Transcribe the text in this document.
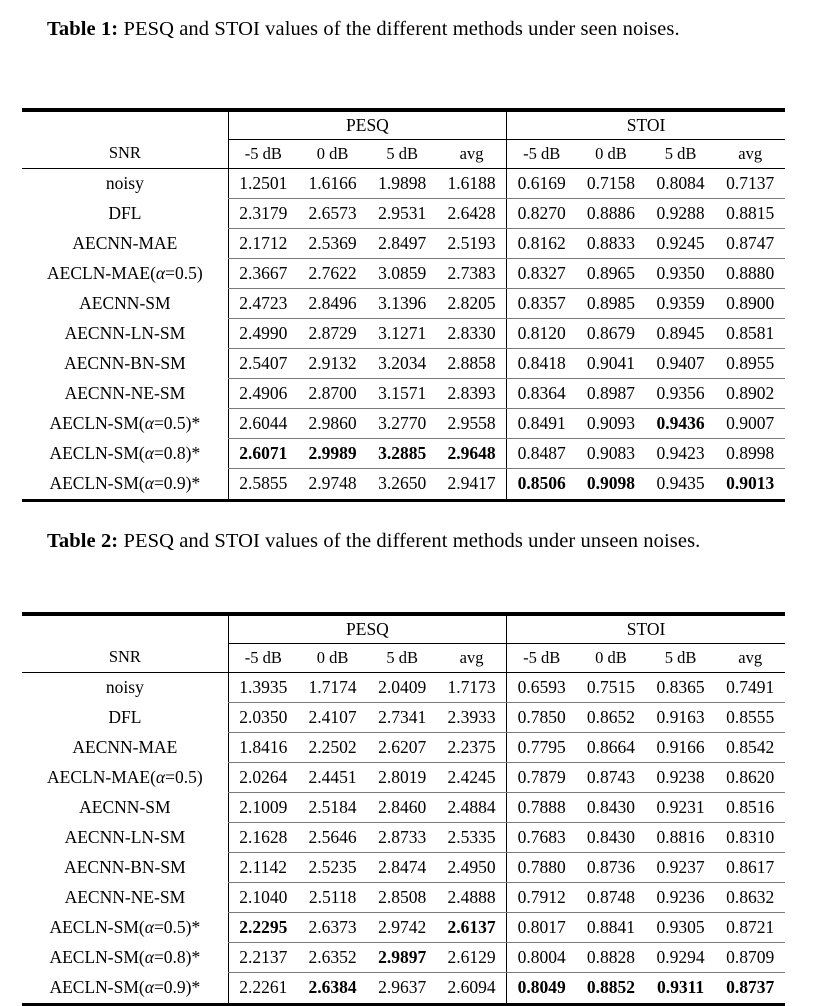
Table 1: PESQ and STOI values of the different methods under seen noises.
	PESQ				STOI			
SNR	-5 dB	0 dB	5 dB	avg	-5 dB	0 dB	5 dB	avg
noisy	1.2501	1.6166	1.9898	1.6188	0.6169	0.7158	0.8084	0.7137
DFL	2.3179	2.6573	2.9531	2.6428	0.8270	0.8886	0.9288	0.8815
AECNN-MAE	2.1712	2.5369	2.8497	2.5193	0.8162	0.8833	0.9245	0.8747
AECLN-MAE(α=0.5)	2.3667	2.7622	3.0859	2.7383	0.8327	0.8965	0.9350	0.8880
AECNN-SM	2.4723	2.8496	3.1396	2.8205	0.8357	0.8985	0.9359	0.8900
AECNN-LN-SM	2.4990	2.8729	3.1271	2.8330	0.8120	0.8679	0.8945	0.8581
AECNN-BN-SM	2.5407	2.9132	3.2034	2.8858	0.8418	0.9041	0.9407	0.8955
AECNN-NE-SM	2.4906	2.8700	3.1571	2.8393	0.8364	0.8987	0.9356	0.8902
AECLN-SM(α=0.5)*	2.6044	2.9860	3.2770	2.9558	0.8491	0.9093	0.9436	0.9007
AECLN-SM(α=0.8)*	2.6071	2.9989	3.2885	2.9648	0.8487	0.9083	0.9423	0.8998
AECLN-SM(α=0.9)*	2.5855	2.9748	3.2650	2.9417	0.8506	0.9098	0.9435	0.9013
Table 2: PESQ and STOI values of the different methods under unseen noises.
	PESQ				STOI			
SNR	-5 dB	0 dB	5 dB	avg	-5 dB	0 dB	5 dB	avg
noisy	1.3935	1.7174	2.0409	1.7173	0.6593	0.7515	0.8365	0.7491
DFL	2.0350	2.4107	2.7341	2.3933	0.7850	0.8652	0.9163	0.8555
AECNN-MAE	1.8416	2.2502	2.6207	2.2375	0.7795	0.8664	0.9166	0.8542
AECLN-MAE(α=0.5)	2.0264	2.4451	2.8019	2.4245	0.7879	0.8743	0.9238	0.8620
AECNN-SM	2.1009	2.5184	2.8460	2.4884	0.7888	0.8430	0.9231	0.8516
AECNN-LN-SM	2.1628	2.5646	2.8733	2.5335	0.7683	0.8430	0.8816	0.8310
AECNN-BN-SM	2.1142	2.5235	2.8474	2.4950	0.7880	0.8736	0.9237	0.8617
AECNN-NE-SM	2.1040	2.5118	2.8508	2.4888	0.7912	0.8748	0.9236	0.8632
AECLN-SM(α=0.5)*	2.2295	2.6373	2.9742	2.6137	0.8017	0.8841	0.9305	0.8721
AECLN-SM(α=0.8)*	2.2137	2.6352	2.9897	2.6129	0.8004	0.8828	0.9294	0.8709
AECLN-SM(α=0.9)*	2.2261	2.6384	2.9637	2.6094	0.8049	0.8852	0.9311	0.8737
